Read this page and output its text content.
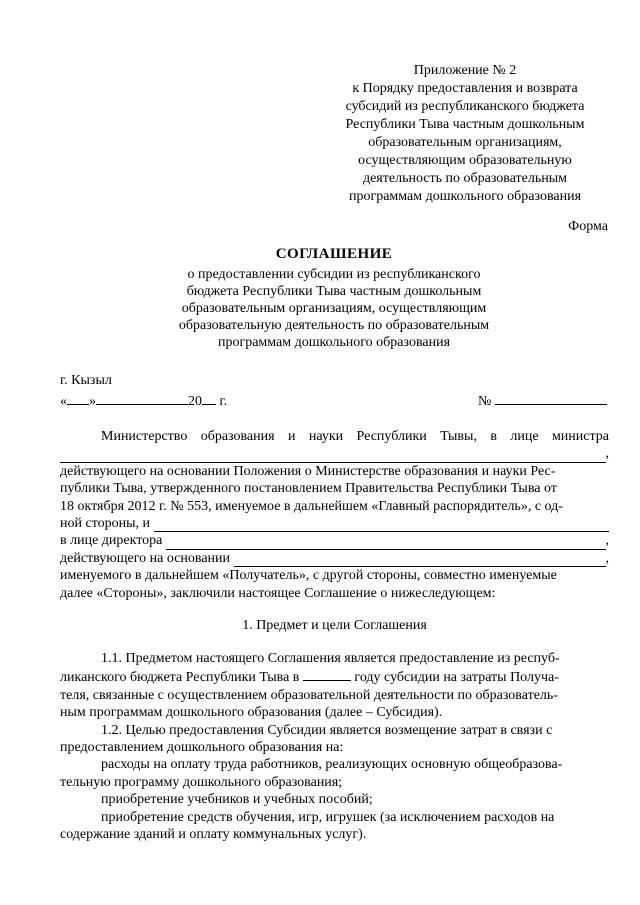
Приложение № 2
к Порядку предоставления и возврата
субсидий из республиканского бюджета
Республики Тыва частным дошкольным
образовательным организациям,
осуществляющим образовательную
деятельность по образовательным
программам дошкольного образования
Форма
СОГЛАШЕНИЕ
о предоставлении субсидии из республиканского
бюджета Республики Тыва частным дошкольным
образовательным организациям, осуществляющим
образовательную деятельность по образовательным
программам дошкольного образования
г. Кызыл
« »	20 г.	№
Министерство образования и науки Республики Тывы, в лице министра
,
действующего на основании Положения о Министерстве образования и науки Рес-
публики Тыва, утвержденного постановлением Правительства Республики Тыва от
18 октября 2012 г. № 553, именуемое в дальнейшем «Главный распорядитель», с од-
ной стороны, и
в лице директора	,
действующего на основании	,
именуемого в дальнейшем «Получатель», с другой стороны, совместно именуемые
далее «Стороны», заключили настоящее Соглашение о нижеследующем:
1. Предмет и цели Соглашения
1.1. Предметом настоящего Соглашения является предоставление из респуб-
ликанского бюджета Республики Тыва в	году субсидии на затраты Получа-
теля, связанные с осуществлением образовательной деятельности по образователь-
ным программам дошкольного образования (далее – Субсидия).
1.2. Целью предоставления Субсидии является возмещение затрат в связи с
предоставлением дошкольного образования на:
расходы на оплату труда работников, реализующих основную общеобразова-
тельную программу дошкольного образования;
приобретение учебников и учебных пособий;
приобретение средств обучения, игр, игрушек (за исключением расходов на
содержание зданий и оплату коммунальных услуг).
